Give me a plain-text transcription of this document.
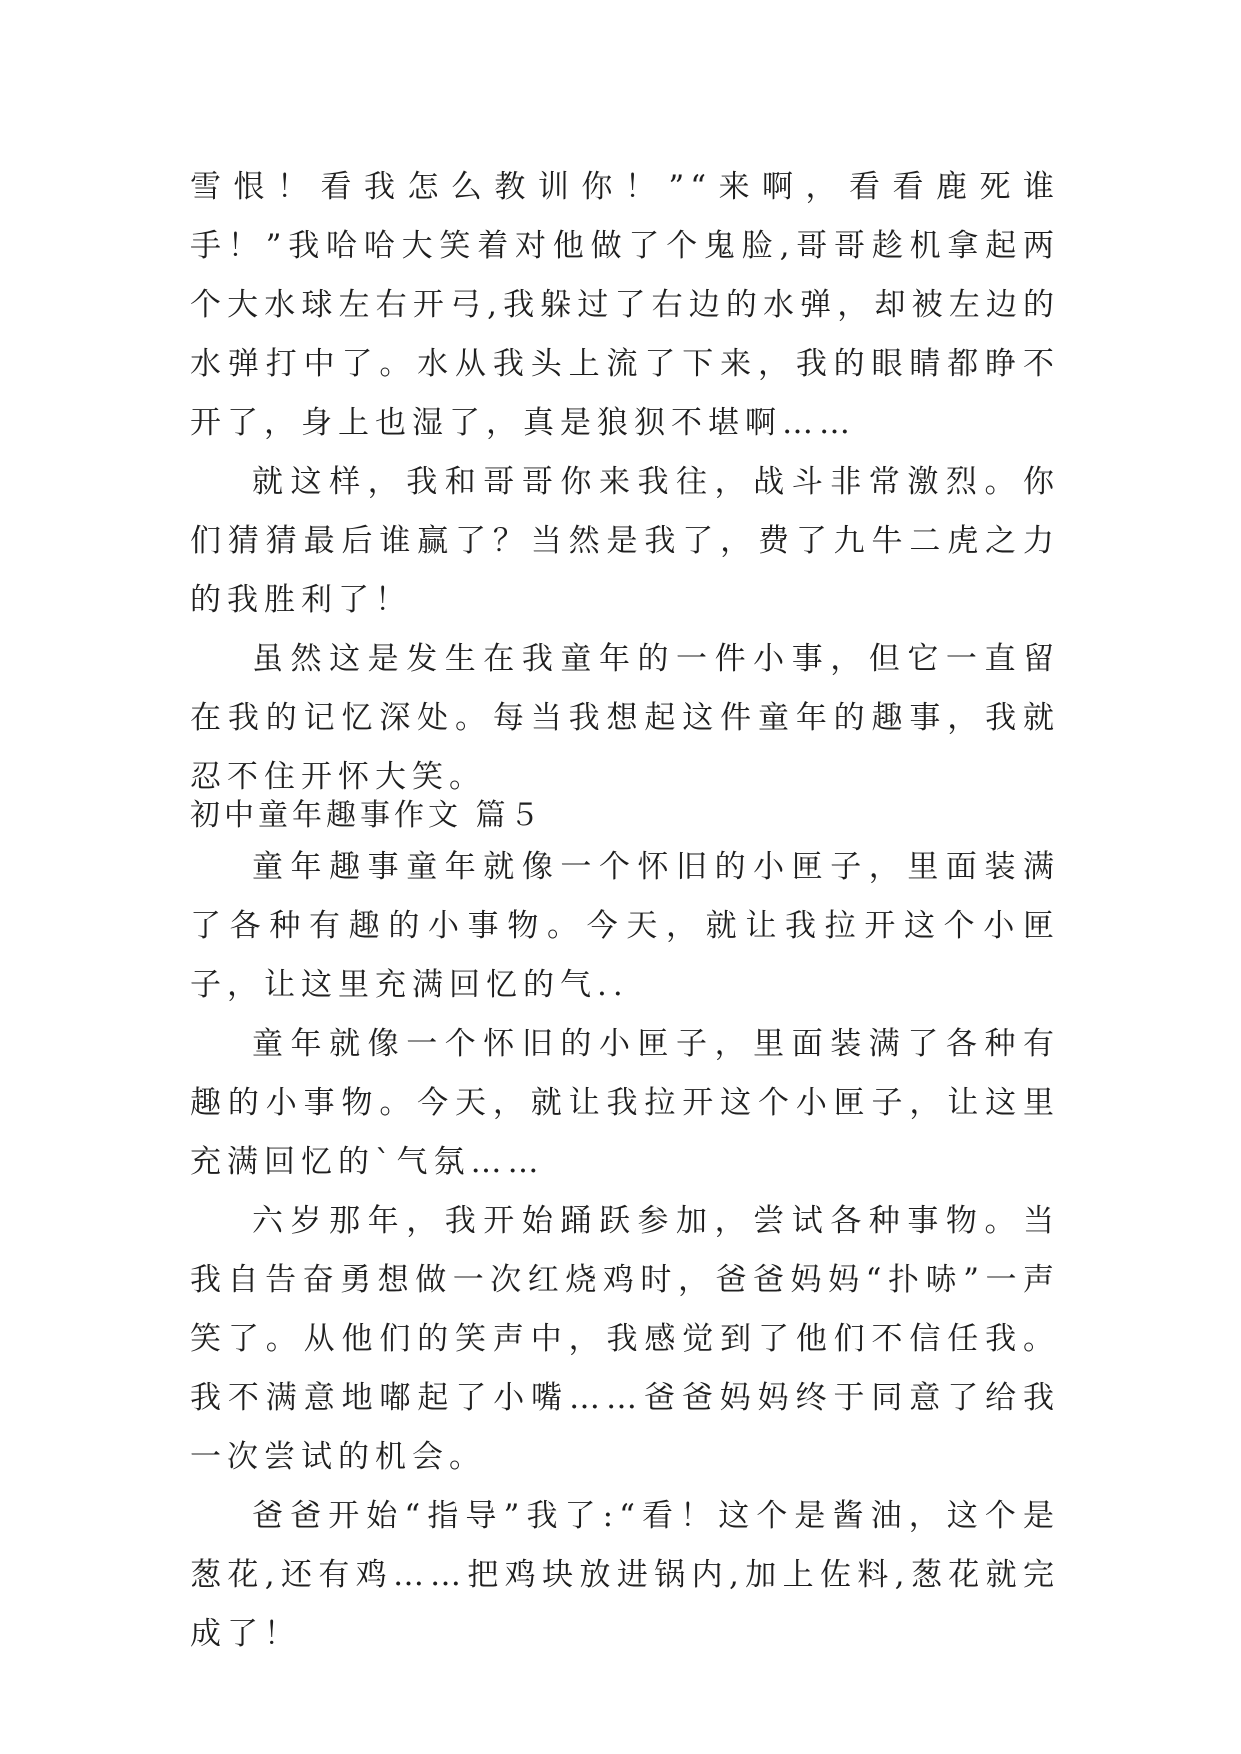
雪恨！看我怎么教训你！”“来啊，看看鹿死谁手！”我哈哈大笑着对他做了个鬼脸,哥哥趁机拿起两个大水球左右开弓,我躲过了右边的水弹，却被左边的水弹打中了。水从我头上流了下来，我的眼睛都睁不开了，身上也湿了，真是狼狈不堪啊……

就这样，我和哥哥你来我往，战斗非常激烈。你们猜猜最后谁赢了？当然是我了，费了九牛二虎之力的我胜利了！

虽然这是发生在我童年的一件小事，但它一直留在我的记忆深处。每当我想起这件童年的趣事，我就忍不住开怀大笑。

初中童年趣事作文 篇５

童年趣事童年就像一个怀旧的小匣子，里面装满了各种有趣的小事物。今天，就让我拉开这个小匣子，让这里充满回忆的气..

童年就像一个怀旧的小匣子，里面装满了各种有趣的小事物。今天，就让我拉开这个小匣子，让这里充满回忆的`气氛……

六岁那年，我开始踊跃参加，尝试各种事物。当我自告奋勇想做一次红烧鸡时，爸爸妈妈“扑哧”一声笑了。从他们的笑声中，我感觉到了他们不信任我。我不满意地嘟起了小嘴……爸爸妈妈终于同意了给我一次尝试的机会。

爸爸开始“指导”我了:“看！这个是酱油，这个是葱花,还有鸡……把鸡块放进锅内,加上佐料,葱花就完成了！
